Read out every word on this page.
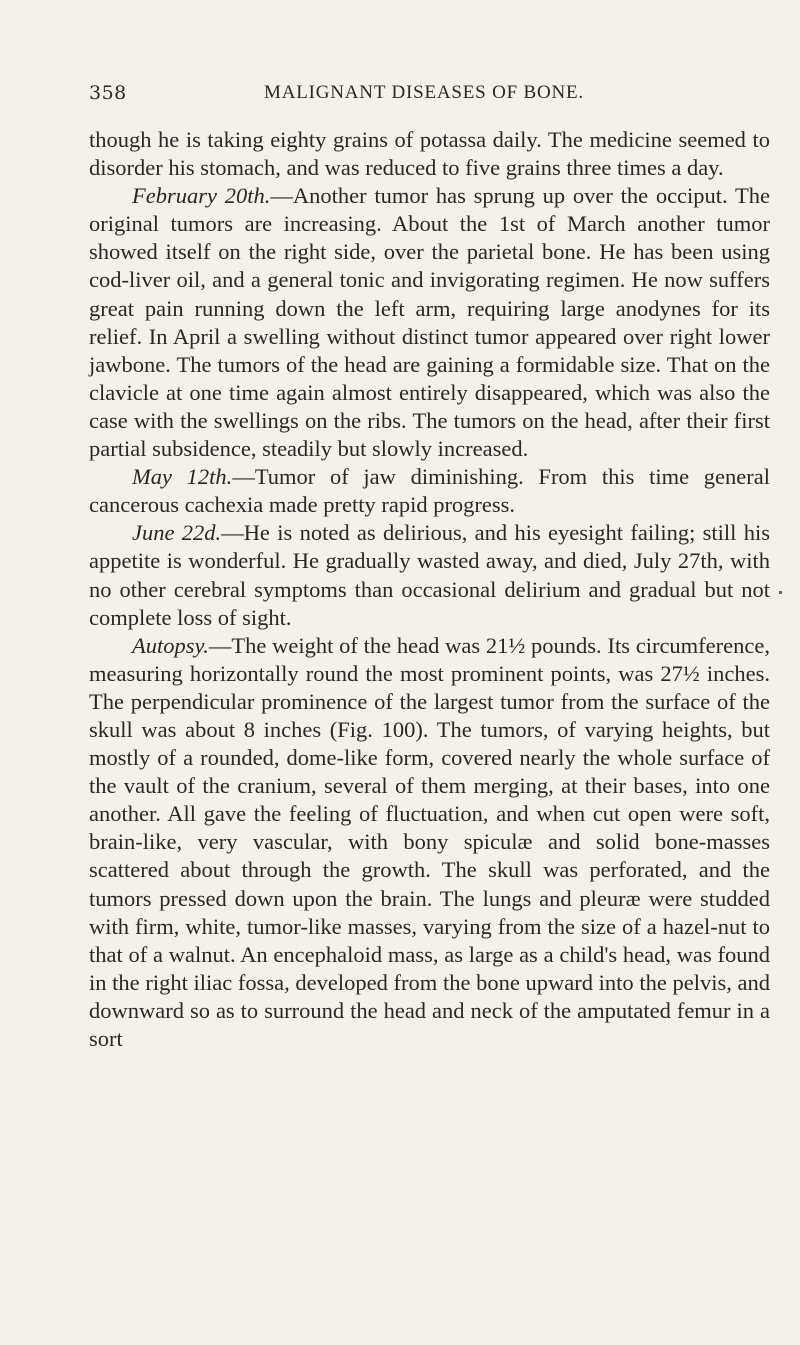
358	MALIGNANT DISEASES OF BONE.

though he is taking eighty grains of potassa daily. The medicine seemed to disorder his stomach, and was reduced to five grains three times a day.

February 20th.—Another tumor has sprung up over the occiput. The original tumors are increasing. About the 1st of March another tumor showed itself on the right side, over the parietal bone. He has been using cod-liver oil, and a general tonic and invigorating regimen. He now suffers great pain running down the left arm, requiring large anodynes for its relief. In April a swelling without distinct tumor appeared over right lower jawbone. The tumors of the head are gaining a formidable size. That on the clavicle at one time again almost entirely disappeared, which was also the case with the swellings on the ribs. The tumors on the head, after their first partial subsidence, steadily but slowly increased.

May 12th.—Tumor of jaw diminishing. From this time general cancerous cachexia made pretty rapid progress.

June 22d.—He is noted as delirious, and his eyesight failing; still his appetite is wonderful. He gradually wasted away, and died, July 27th, with no other cerebral symptoms than occasional delirium and gradual but not complete loss of sight.

Autopsy.—The weight of the head was 21½ pounds. Its circumference, measuring horizontally round the most prominent points, was 27½ inches. The perpendicular prominence of the largest tumor from the surface of the skull was about 8 inches (Fig. 100). The tumors, of varying heights, but mostly of a rounded, dome-like form, covered nearly the whole surface of the vault of the cranium, several of them merging, at their bases, into one another. All gave the feeling of fluctuation, and when cut open were soft, brain-like, very vascular, with bony spiculæ and solid bone-masses scattered about through the growth. The skull was perforated, and the tumors pressed down upon the brain. The lungs and pleuræ were studded with firm, white, tumor-like masses, varying from the size of a hazel-nut to that of a walnut. An encephaloid mass, as large as a child's head, was found in the right iliac fossa, developed from the bone upward into the pelvis, and downward so as to surround the head and neck of the amputated femur in a sort
